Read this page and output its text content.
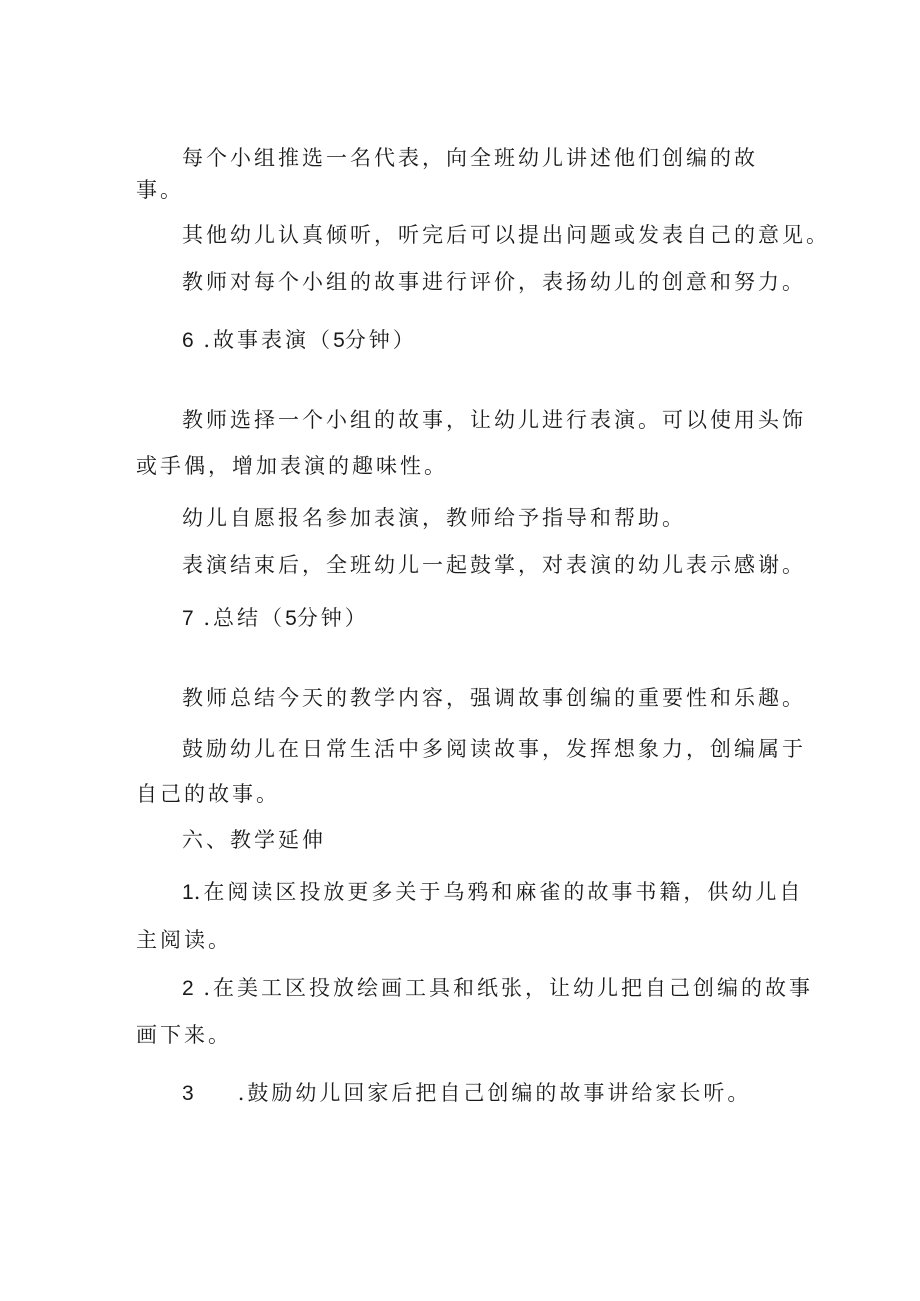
每个小组推选一名代表，向全班幼儿讲述他们创编的故

事。

其他幼儿认真倾听，听完后可以提出问题或发表自己的意见。

教师对每个小组的故事进行评价，表扬幼儿的创意和努力。

6 .故事表演（5分钟）

教师选择一个小组的故事，让幼儿进行表演。可以使用头饰

或手偶，增加表演的趣味性。

幼儿自愿报名参加表演，教师给予指导和帮助。

表演结束后，全班幼儿一起鼓掌，对表演的幼儿表示感谢。

7 .总结（5分钟）

教师总结今天的教学内容，强调故事创编的重要性和乐趣。

鼓励幼儿在日常生活中多阅读故事，发挥想象力，创编属于

自己的故事。

六、教学延伸

1.在阅读区投放更多关于乌鸦和麻雀的故事书籍，供幼儿自

主阅读。

2 .在美工区投放绘画工具和纸张，让幼儿把自己创编的故事

画下来。

3 .鼓励幼儿回家后把自己创编的故事讲给家长听。
